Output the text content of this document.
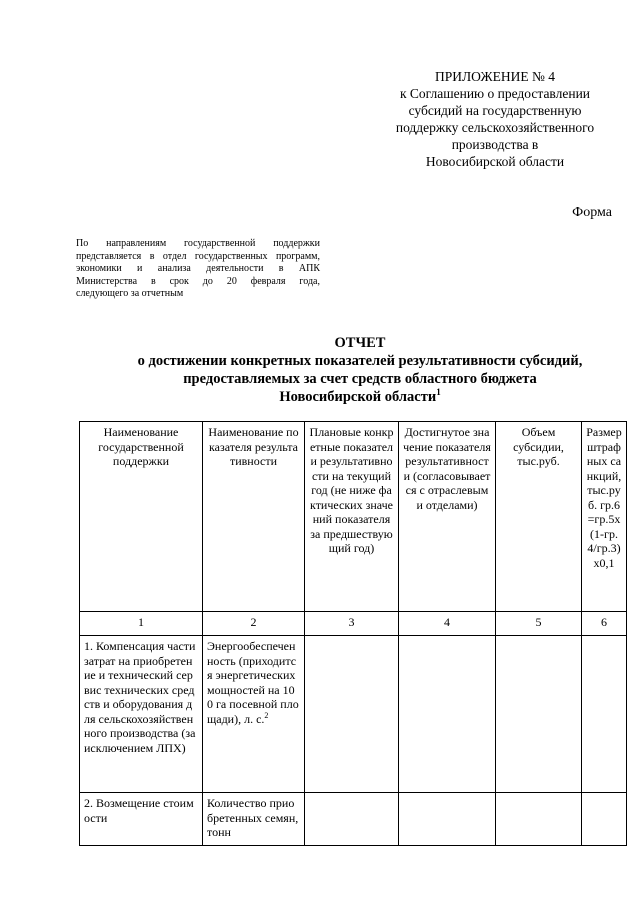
ПРИЛОЖЕНИЕ № 4
к Соглашению о предоставлении
субсидий на государственную
поддержку сельскохозяйственного
производства в
Новосибирской области
Форма
По направлениям государственной поддержки
представляется в отдел государственных программ,
экономики и анализа деятельности в АПК
Министерства в срок до 20 февраля года,
следующего за отчетным
ОТЧЕТ
о достижении конкретных показателей результативности субсидий,
предоставляемых за счет средств областного бюджета
Новосибирской области$^1$
Наименование государственной поддержки	Наименование показателя результативности	Плановые конкретные показатели результативности на текущий год (не ниже фактических значений показателя за предшествующий год)	Достигнутое значение показателя результативности (согласовывается с отраслевыми отделами)	Объем субсидии, тыс.руб.	Размер штрафных санкций, тыс.руб. гр.6=гр.5х(1-гр.4/гр.3)х0,1
1	2	3	4	5	6
1. Компенсация части затрат на приобретение и технический сервис технических средств и оборудования для сельскохозяйственного производства (за исключением ЛПХ)	Энергообеспеченность (приходится энергетических мощностей на 100 га посевной площади), л. с.$^2$				
2. Возмещение стоимости	Количество приобретенных семян, тонн				
